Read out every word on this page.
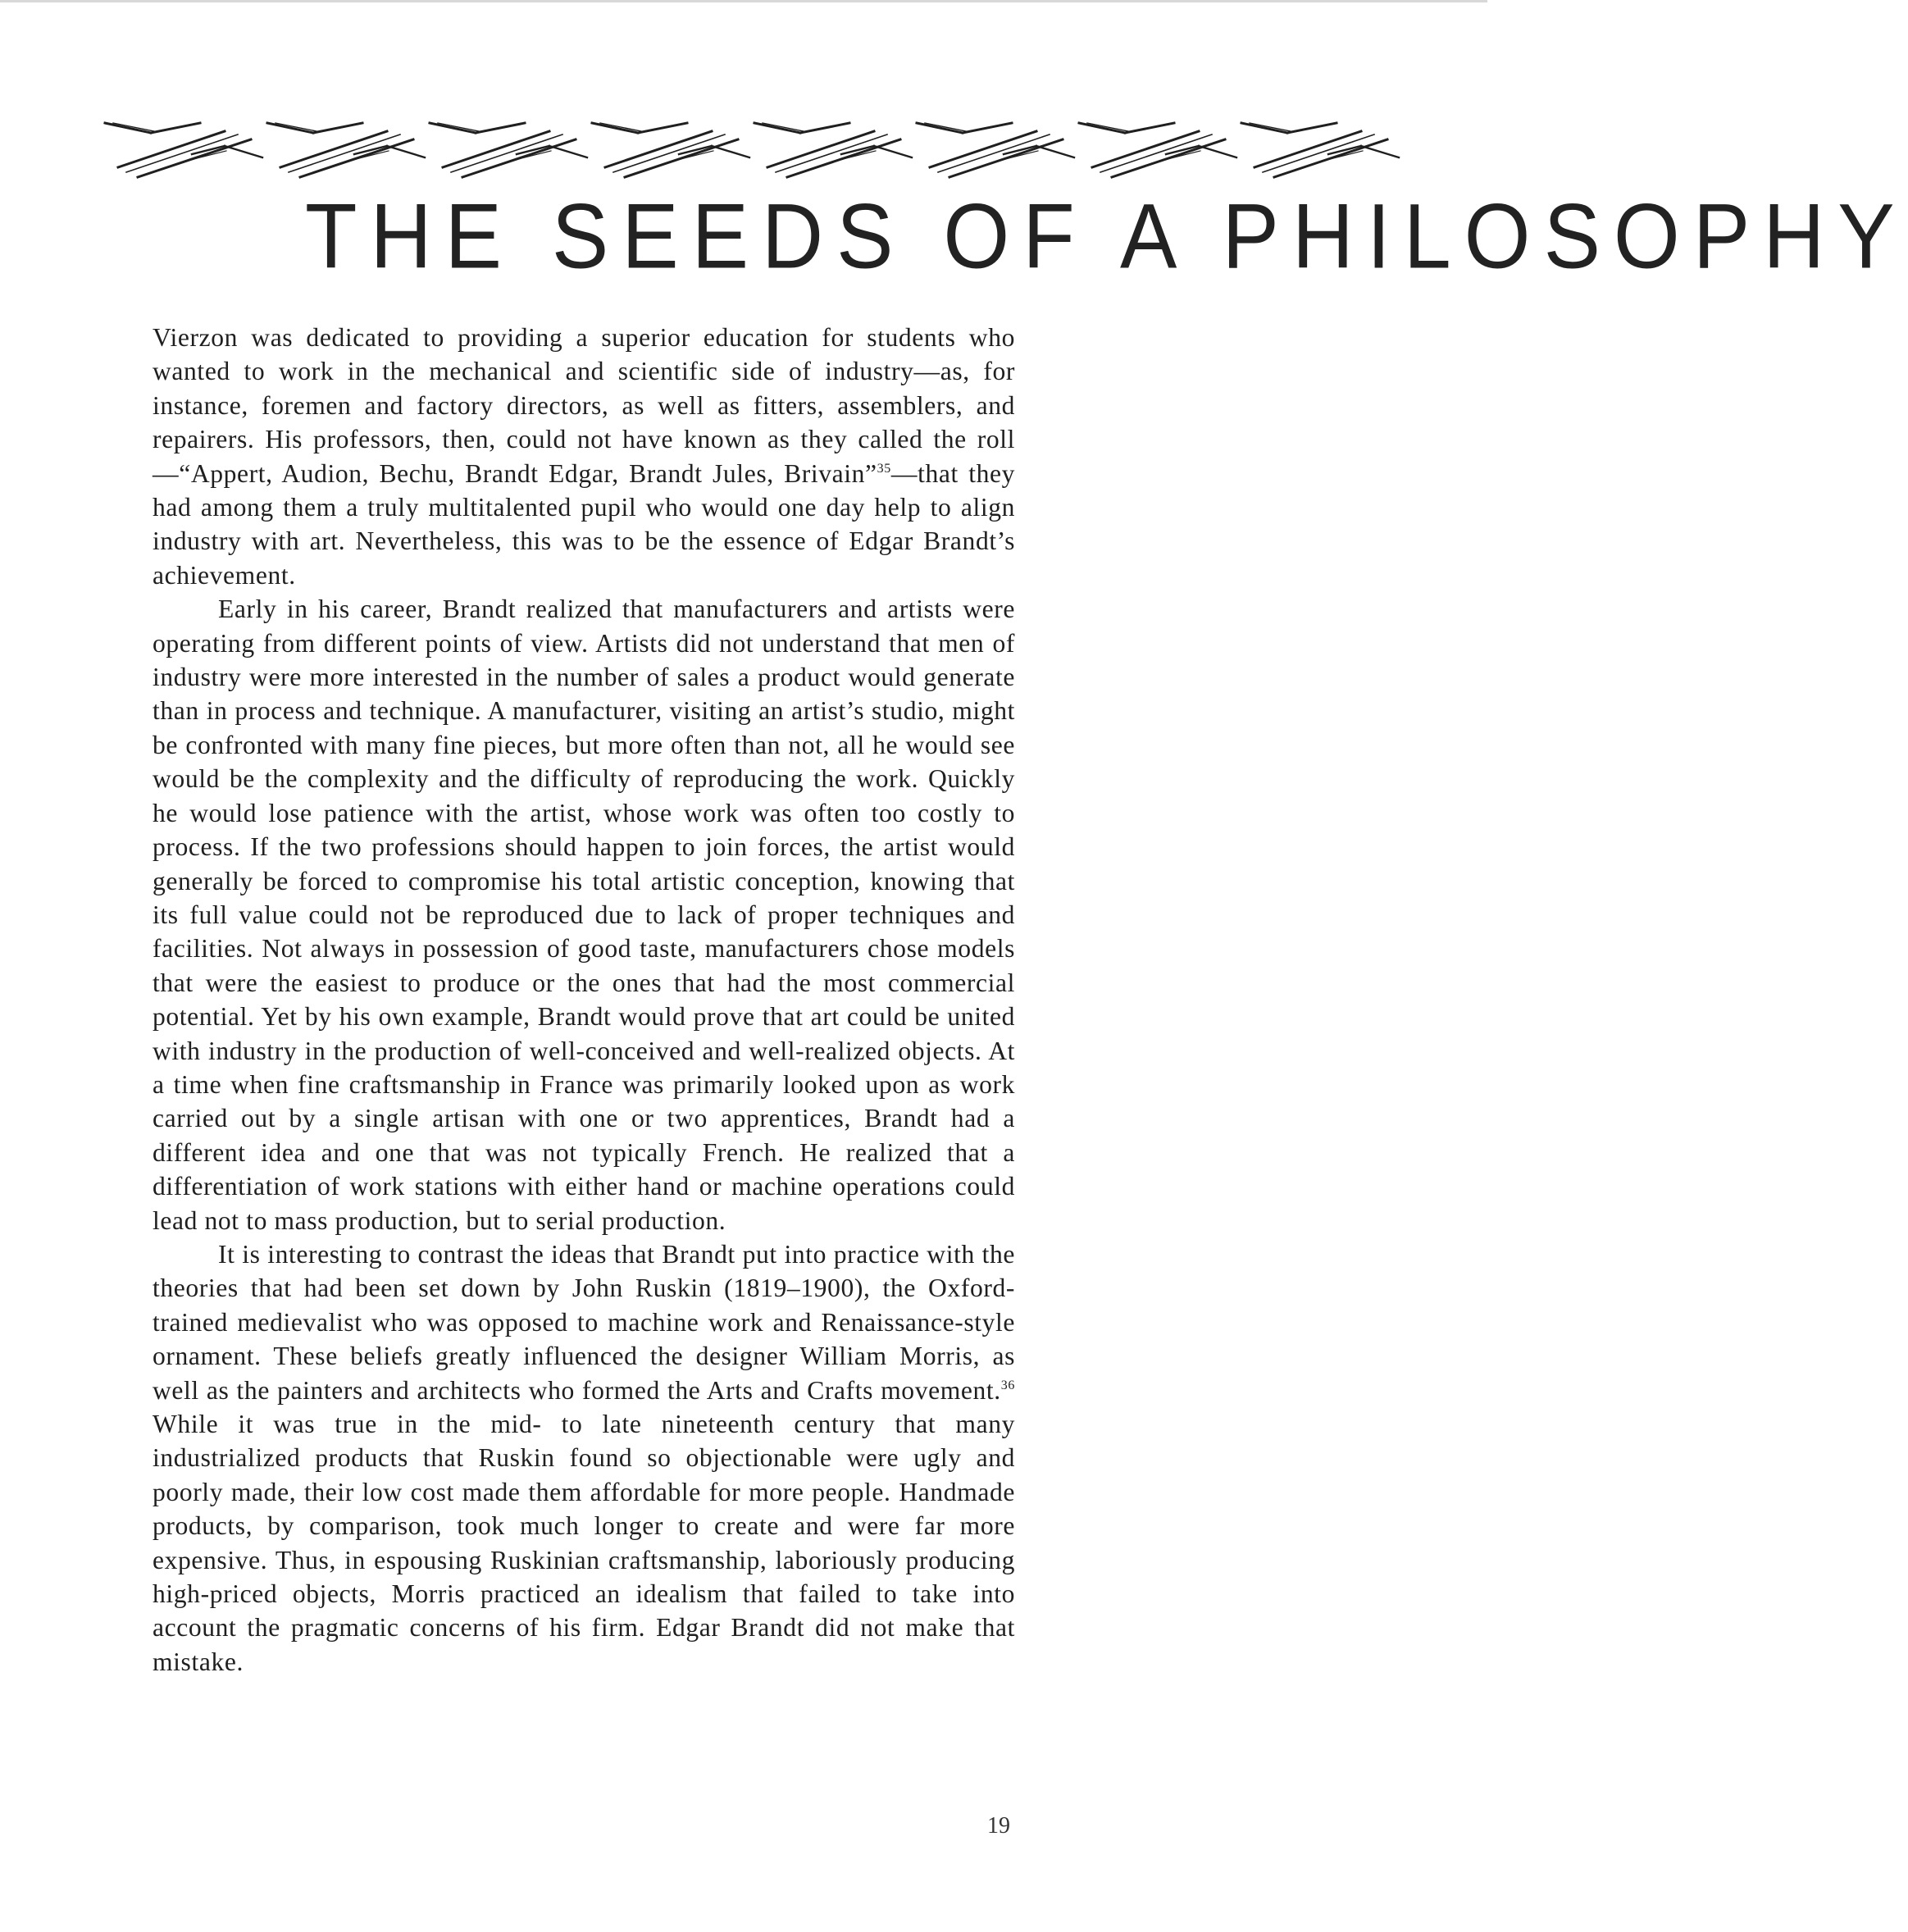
THE SEEDS OF A PHILOSOPHY

Vierzon was dedicated to providing a superior education for students who wanted to work in the mechanical and scientific side of industry—as, for instance, foremen and factory directors, as well as fitters, assemblers, and repairers. His professors, then, could not have known as they called the roll—“Appert, Audion, Bechu, Brandt Edgar, Brandt Jules, Brivain”$^{35}$—that they had among them a truly multitalented pupil who would one day help to align industry with art. Nevertheless, this was to be the essence of Edgar Brandt’s achievement.

Early in his career, Brandt realized that manufacturers and artists were operating from different points of view. Artists did not understand that men of industry were more interested in the number of sales a product would generate than in process and technique. A manufacturer, visiting an artist’s studio, might be confronted with many fine pieces, but more often than not, all he would see would be the complexity and the difficulty of reproducing the work. Quickly he would lose patience with the artist, whose work was often too costly to process. If the two professions should happen to join forces, the artist would generally be forced to compromise his total artistic conception, knowing that its full value could not be reproduced due to lack of proper techniques and facilities. Not always in possession of good taste, manufacturers chose models that were the easiest to produce or the ones that had the most commercial potential. Yet by his own example, Brandt would prove that art could be united with industry in the production of well-conceived and well-realized objects. At a time when fine craftsmanship in France was primarily looked upon as work carried out by a single artisan with one or two apprentices, Brandt had a different idea and one that was not typically French. He realized that a differentiation of work stations with either hand or machine operations could lead not to mass production, but to serial production.

It is interesting to contrast the ideas that Brandt put into practice with the theories that had been set down by John Ruskin (1819–1900), the Oxford-trained medievalist who was opposed to machine work and Renaissance-style ornament. These beliefs greatly influenced the designer William Morris, as well as the painters and architects who formed the Arts and Crafts movement.$^{36}$ While it was true in the mid- to late nineteenth century that many industrialized products that Ruskin found so objectionable were ugly and poorly made, their low cost made them affordable for more people. Handmade products, by comparison, took much longer to create and were far more expensive. Thus, in espousing Ruskinian craftsmanship, laboriously producing high-priced objects, Morris practiced an idealism that failed to take into account the pragmatic concerns of his firm. Edgar Brandt did not make that mistake.

19
